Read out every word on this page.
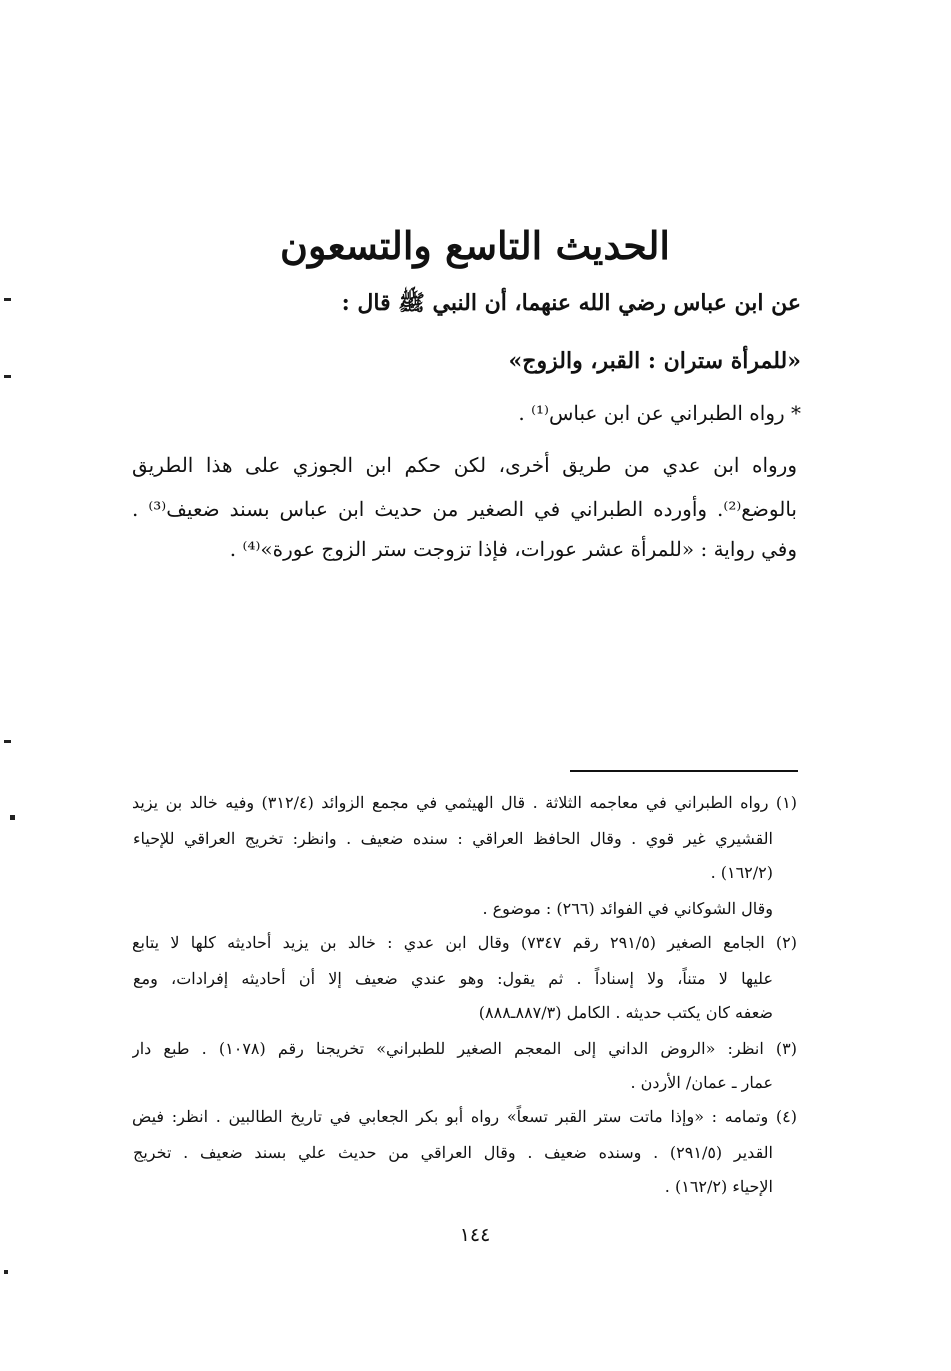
الحديث التاسع والتسعون
عن ابن عباس رضي الله عنهما، أن النبي ﷺ قال :
«للمرأة ستران : القبر، والزوج»
* رواه الطبراني عن ابن عباس⁽¹⁾ .
ورواه ابن عدي من طريق أخرى، لكن حكم ابن الجوزي على هذا الطريق
بالوضع⁽²⁾. وأورده الطبراني في الصغير من حديث ابن عباس بسند ضعيف⁽³⁾ .
وفي رواية : «للمرأة عشر عورات، فإذا تزوجت ستر الزوج عورة»⁽⁴⁾ .
(١) رواه الطبراني في معاجمه الثلاثة . قال الهيثمي في مجمع الزوائد (٣١٢/٤) وفيه خالد بن يزيد
القشيري غير قوي . وقال الحافظ العراقي : سنده ضعيف . وانظر: تخريج العراقي للإحياء
(١٦٢/٢) .
وقال الشوكاني في الفوائد (٢٦٦) : موضوع .
(٢) الجامع الصغير (٢٩١/٥ رقم ٧٣٤٧) وقال ابن عدي : خالد بن يزيد أحاديثه كلها لا يتابع
عليها لا متناً، ولا إسناداً . ثم يقول: وهو عندي ضعيف إلا أن أحاديثه إفرادات، ومع
ضعفه كان يكتب حديثه . الكامل (٨٨٧/٣ـ٨٨٨)
(٣) انظر: «الروض الداني إلى المعجم الصغير للطبراني» تخريجنا رقم (١٠٧٨) . طبع دار
عمار ـ عمان/ الأردن .
(٤) وتمامه : «وإذا ماتت ستر القبر تسعاً» رواه أبو بكر الجعابي في تاريخ الطالبين . انظر: فيض
القدير (٢٩١/٥) . وسنده ضعيف . وقال العراقي من حديث علي بسند ضعيف . تخريج
الإحياء (١٦٢/٢) .
١٤٤
